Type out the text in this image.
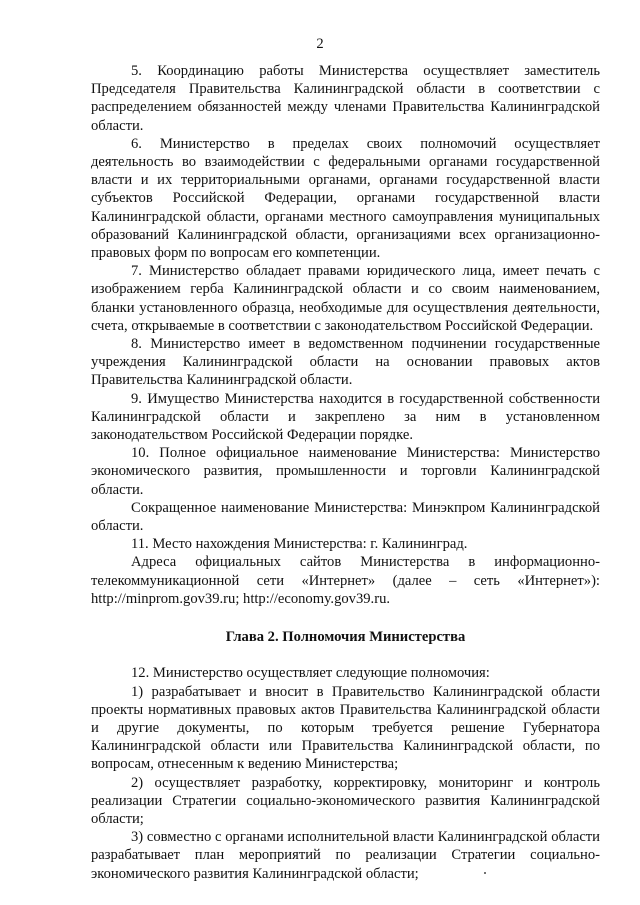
2

5. Координацию работы Министерства осуществляет заместитель Председателя Правительства Калининградской области в соответствии с распределением обязанностей между членами Правительства Калининградской области.

6. Министерство в пределах своих полномочий осуществляет деятельность во взаимодействии с федеральными органами государственной власти и их территориальными органами, органами государственной власти субъектов Российской Федерации, органами государственной власти Калининградской области, органами местного самоуправления муниципальных образований Калининградской области, организациями всех организационно-правовых форм по вопросам его компетенции.

7. Министерство обладает правами юридического лица, имеет печать с изображением герба Калининградской области и со своим наименованием, бланки установленного образца, необходимые для осуществления деятельности, счета, открываемые в соответствии с законодательством Российской Федерации.

8. Министерство имеет в ведомственном подчинении государственные учреждения Калининградской области на основании правовых актов Правительства Калининградской области.

9. Имущество Министерства находится в государственной собственности Калининградской области и закреплено за ним в установленном законодательством Российской Федерации порядке.

10. Полное официальное наименование Министерства: Министерство экономического развития, промышленности и торговли Калининградской области.

Сокращенное наименование Министерства: Минэкпром Калининградской области.

11. Место нахождения Министерства: г. Калининград.

Адреса официальных сайтов Министерства в информационно-телекоммуникационной сети «Интернет» (далее – сеть «Интернет»): http://minprom.gov39.ru; http://economy.gov39.ru.

Глава 2. Полномочия Министерства

12. Министерство осуществляет следующие полномочия:

1) разрабатывает и вносит в Правительство Калининградской области проекты нормативных правовых актов Правительства Калининградской области и другие документы, по которым требуется решение Губернатора Калининградской области или Правительства Калининградской области, по вопросам, отнесенным к ведению Министерства;

2) осуществляет разработку, корректировку, мониторинг и контроль реализации Стратегии социально-экономического развития Калининградской области;

3) совместно с органами исполнительной власти Калининградской области разрабатывает план мероприятий по реализации Стратегии социально-экономического развития Калининградской области;
